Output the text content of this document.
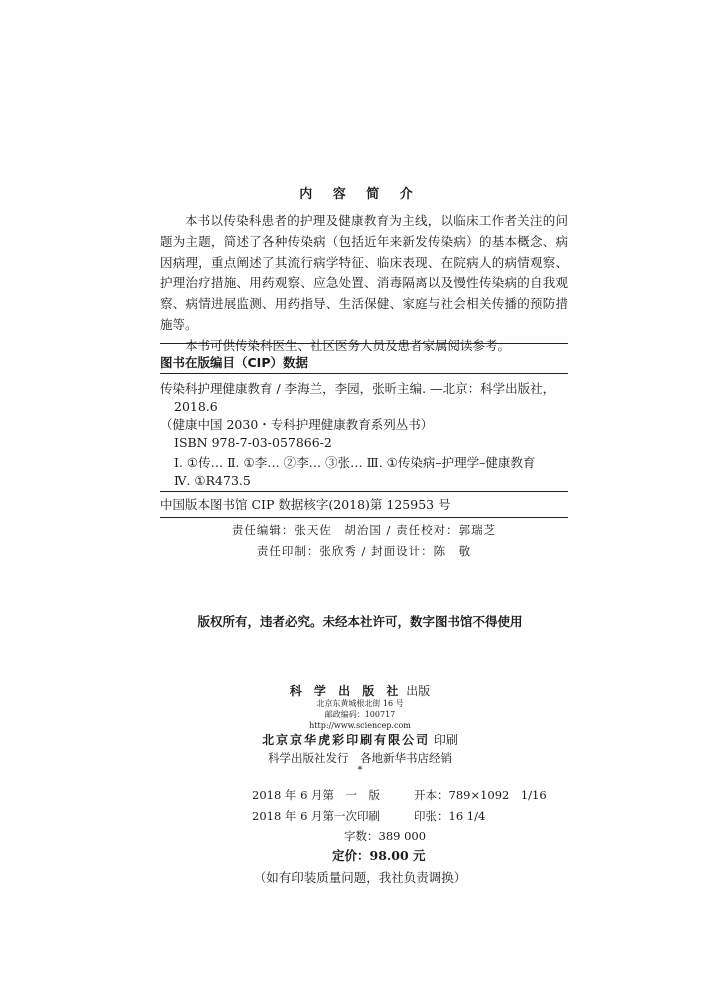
内 容 简 介

本书以传染科患者的护理及健康教育为主线，以临床工作者关注的问题为主题，简述了各种传染病（包括近年来新发传染病）的基本概念、病因病理，重点阐述了其流行病学特征、临床表现、在院病人的病情观察、护理治疗措施、用药观察、应急处置、消毒隔离以及慢性传染病的自我观察、病情进展监测、用药指导、生活保健、家庭与社会相关传播的预防措施等。

本书可供传染科医生、社区医务人员及患者家属阅读参考。

图书在版编目（CIP）数据
传染科护理健康教育 / 李海兰，李园，张昕主编. —北京：科学出版社，
2018.6
（健康中国 2030・专科护理健康教育系列丛书）
ISBN 978-7-03-057866-2
Ⅰ. ①传… Ⅱ. ①李… ②李… ③张… Ⅲ. ①传染病–护理学–健康教育
Ⅳ. ①R473.5
中国版本图书馆 CIP 数据核字(2018)第 125953 号
责任编辑：张天佐　胡治国 / 责任校对：郭瑞芝
责任印制：张欣秀 / 封面设计：陈　敬
版权所有，违者必究。未经本社许可，数字图书馆不得使用
科 学 出 版 社 出版
北京东黄城根北街 16 号
邮政编码：100717
http://www.sciencep.com
北京京华虎彩印刷有限公司 印刷
科学出版社发行　各地新华书店经销
*
2018 年 6 月第　一　版	开本：789×1092　1/16
2018 年 6 月第一次印刷	印张：16 1/4
字数：389 000
定价：98.00 元
（如有印装质量问题，我社负责调换）
